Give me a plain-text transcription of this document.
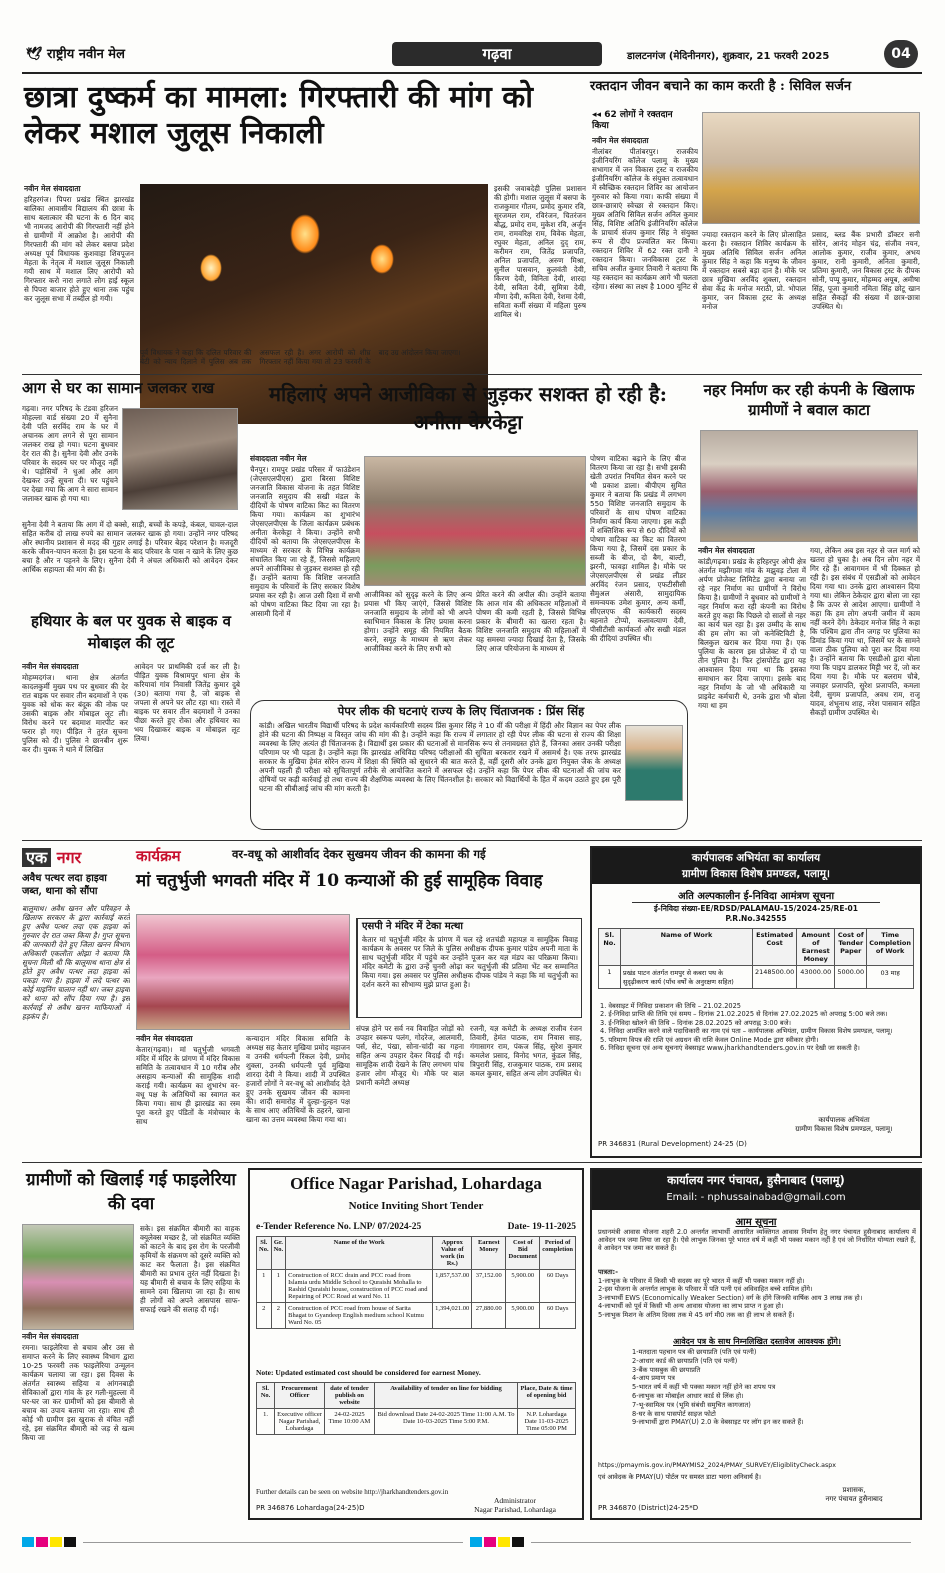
🕊 राष्ट्रीय नवीन मेल	गढ़वा	डालटनगंज (मेदिनीनगर), शुक्रवार, 21 फरवरी 2025	04
छात्रा दुष्कर्म का मामला: गिरफ्तारी की मांग को लेकर मशाल जुलूस निकाली
नवीन मेल संवाददाता
हरिहरगंज। पिपरा प्रखंड स्थित झारखंड बालिका आवासीय विद्यालय की छात्रा के साथ बलात्कार की घटना के 6 दिन बाद भी नामजद आरोपी की गिरफ्तारी नहीं होने से ग्रामीणों में आक्रोश है। आरोपी की गिरफ्तारी की मांग को लेकर बसपा प्रदेश अध्यक्ष पूर्व विधायक कुशवाहा शिवपूजन मेहता के नेतृत्व में मशाल जुलूस निकाली गयी साथ में मशाल लिए आरोपी को गिरफ्तार करो नारा लगाते लोग हाई स्कूल से पिपरा बाजार होते हुए थाना तक पहुंच कर जुलूस सभा में तब्दील हो गयी।
इसकी जवाबदेही पुलिस प्रशासन की होगी। मशाल जुलूस में बसपा के राजकुमार गौतम, प्रमोद कुमार रवि, सूरजमल राम, रविरंजन, चितरंजन बौद्ध, प्रमोद राम, मुकेश रवि, अर्जुन राम, रामवरिक्ष राम, विवेक मेहता, रघुवर मेहता, अनिल दुद् राम, करीमन राम, जितेंद्र प्रजापति, अनिल प्रजापति, अरुण मिश्रा, सुनील पासवान, कुलवंती देवी, किरण देवी, विनिता देवी, शारदा देवी, सविता देवी, सुमित्रा देवी, मीणा देवी, कविता देवी, रेशमा देवी, सविता कर्मी संख्या में महिला पुरुष शामिल थे।
पूर्व विधायक ने कहा कि दलित परिवार की बेटी को न्याय दिलाने में पुलिस अब तक असफल रही है। अगर आरोपी को शीघ्र गिरफ्तार नहीं किया गया तो 23 फरवरी के बाद उग्र आंदोलन किया जाएगा।
रक्तदान जीवन बचाने का काम करती है : सिविल सर्जन
◂◂ 62 लोगों ने रक्तदान किया
नवीन मेल संवाददाता
नीलांबर पीतांबरपुर। राजकीय इंजीनियरिंग कॉलेज पलामू के मुख्य सभागार में जन विकास ट्रस्ट व राजकीय इंजीनियरिंग कॉलेज के संयुक्त तत्वावधान में स्वैच्छिक रक्तदान शिविर का आयोजन गुरुवार को किया गया। काफी संख्या में छात्र-छात्राएं स्वेच्छा से रक्तदान किए। मुख्य अतिथि सिविल सर्जन अनिल कुमार सिंह, विशिष्ट अतिथि इंजीनियरिंग कॉलेज के प्राचार्य संजय कुमार सिंह ने संयुक्त रूप से दीप प्रज्वलित कर किया। रक्तदान शिविर में 62 रक्त दानी ने रक्तदान किया। जनविकास ट्रस्ट के सचिव अजीत कुमार तिवारी ने बताया कि यह रक्तदान का कार्यक्रम आगे भी चलता रहेगा। संस्था का लक्ष्य है 1000 यूनिट से
ज्यादा रक्तदान करने के लिए प्रोत्साहित करना है। रक्तदान शिविर कार्यक्रम के मुख्य अतिथि सिविल सर्जन अनिल कुमार सिंह ने कहा कि मनुष्य के जीवन में रक्तदान सबसे बड़ा दान है। मौके पर छात्र मुखिया अरविंद शुक्ला, रक्तदान सेवा केंद्र के मनोज मराठी, प्रो. भोपाल कुमार, जन विकास ट्रस्ट के अध्यक्ष मनोज
प्रसाद, ब्लड बैंक प्रभारी डॉक्टर सनी सोरेन, आनंद मोहन चंद्र, संजीव नयन, आलोक कुमार, राजीव कुमार, अभय कुमार, रानी कुमारी, अनिता कुमारी, प्रतिमा कुमारी, जन विकास ट्रस्ट के दीपक सोनी, पप्पू कुमार, मोहम्मद अयूब, अमीषा सिंह, पूजा कुमारी नमिता सिंह छोटू खान सहित सैकड़ों की संख्या में छात्र-छात्रा उपस्थित थे।
आग से घर का सामान जलकर राख
गढ़वा। नगर परिषद के टंडवा हरिजन मोहल्ला वार्ड संख्या 20 में सुनैना देवी पति सरविंद राम के घर में अचानक आग लगने से पूरा सामान जलकर राख हो गया। घटना बुधवार देर रात की है। सुनैना देवी और उनके परिवार के सदस्य घर पर मौजूद नहीं थे। पड़ोसियों ने धुआं और आग देखकर उन्हें सूचना दी। घर पहुंचने पर देखा गया कि आग ने सारा सामान जलाकर खाक हो गया था।
सुनैना देवी ने बताया कि आग में दो बक्से, साड़ी, बच्चों के कपड़े, कंबल, चावल-दाल सहित करीब दो लाख रुपये का सामान जलकर खाक हो गया। उन्होंने नगर परिषद और स्थानीय प्रशासन से मदद की गुहार लगाई है। परिवार बेहद परेशान है। मजदूरी करके जीवन-यापन करता है। इस घटना के बाद परिवार के पास न खाने के लिए कुछ बचा है और न पहनने के लिए। सुनैना देवी ने अंचल अधिकारी को आवेदन देकर आर्थिक सहायता की मांग की है।
महिलाएं अपने आजीविका से जुड़कर सशक्त हो रही है: अनीता केरकेट्टा
संवाददाता नवीन मेल
चैनपुर। रामपुर प्रखंड परिसर में फाउंडेशन (जेएसएलपीएस) द्वारा बिरसा विशिष्ट जनजाति विकास योजना के तहत विशिष्ट जनजाति समुदाय की सखी मंडल के दीदियों के पोषण वाटिका किट का वितरण किया गया। कार्यक्रम का शुभारंभ जेएसएलपीएस के जिला कार्यक्रम प्रबंधक अनीता केरकेट्टा ने किया। उन्होंने सभी दीदियों को बताया कि जेएसएलपीएस के माध्यम से सरकार के विभिन्न कार्यक्रम संचालित किए जा रहे हैं, जिससे महिलाएं अपने आजीविका से जुड़कर सशक्त हो रही हैं। उन्होंने बताया कि विशिष्ट जनजाति समुदाय के परिवारों के लिए सरकार विशेष प्रयास कर रही है। आज उसी दिशा में सभी को पोषण वाटिका किट दिया जा रहा है। आसामी दिनों में
आजीविका को सुदृढ़ करने के लिए अन्य प्रयास भी किए जाएंगे, जिससे विशिष्ट जनजाति समुदाय के लोगों को भी अपने स्वाभिमान विकास के लिए प्रयास करना होगा। उन्होंने समूह की नियमित बैठक करने, समूह के माध्यम से ऋण लेकर आजीविका करने के लिए सभी को
प्रेरित करने की अपील की। उन्होंने बताया कि आज गांव की अधिकतर महिलाओं में पोषण की कमी रहती है, जिससे विभिन्न प्रकार के बीमारी का खतरा रहता है। विशिष्ट जनजाति समुदाय की महिलाओं में यह समस्या ज्यादा दिखाई देता है, जिसके लिए आज परियोजना के माध्यम से
पोषण वाटिका बढ़ाने के लिए बीज वितरण किया जा रहा है। सभी इसकी खेती उपरांत नियमित सेवन करने पर भी प्रकाश डाला। बीपीएम सुमित कुमार ने बताया कि प्रखंड में लगभग 550 विशिष्ट जनजाति समुदाय के परिवारों के साथ पोषण वाटिका निर्माण कार्य किया जाएगा। इस कड़ी में शक्तिशिक रूप से 60 दीदियों को पोषण वाटिका का किट का वितरण किया गया है, जिसमें दस प्रकार के सब्जी के बीज, दो बैग, बाल्टी, झरनी, फावड़ा शामिल है। मौके पर जेएसएलपीएस से प्रखंड लीडर अरविंद रंजन प्रसाद, एफटीसीसी सैमुअल अंसारी, सामुदायिक समन्वयक उमेश कुमार, अन्य कर्मी, सीएलएफ की कार्यकारी सदस्य बहनाते टोप्पो, कलावत्याण देवी, पीसीटीसी कार्यकर्ता और सखी मंडल की दीदियां उपस्थित थी।
नहर निर्माण कर रही कंपनी के खिलाफ ग्रामीणों ने बवाल काटा
नवीन मेल संवाददाता
कांडी/गढ़वा। प्रखंड के हरिहरपुर ओपी क्षेत्र अंतर्गत मझीगावा गांव के मझुवड़ टोला में अर्पण प्रोजेक्ट लिमिटेड द्वारा बनाया जा रहे नहर निर्माण का ग्रामीणों ने विरोध किया है। ग्रामीणों ने बुधवार को ग्रामीणों ने नहर निर्माण करा रही कंपनी का विरोध करते हुए कहा कि पिछले दो सालों से नहर का कार्य चल रहा है। इस उम्मीद के साथ की हम लोग का जो कनेक्टिविटी है, बिलकुल खराब कर दिया गया है। एक पुलिया के कारण इस प्रोजेक्ट में दो पा तीन पुलिया है। फिर ट्रांसपोर्टेड द्वारा यह आश्वासन दिया गया था कि इसका समाधान कर दिया जाएगा। इसके बाद नहर निर्माण के जो भी अधिकारी या प्राइवेट कर्मचारी थे, उनके द्वारा भी बोला गया था हम
गया, लेकिन अब इस नहर से जल मार्ग को खतरा हो चुका है। अब दिन लोग नहर में गिर रहे हैं। आवागमन में भी दिक्कत हो रही है। इस संबंध में एसडीओ को आवेदन दिया गया था। उनके द्वारा आश्वासन दिया गया था। लेकिन ठेकेदार द्वारा बोला जा रहा है कि ऊपर से आदेश आएगा। ग्रामीणों ने कहा कि हम लोग अपनी जमीन में काम नहीं करने देंगे। ठेकेदार मनोज सिंह ने कहा कि पश्चिम द्वारा तीन जगह पर पुलिया का डिमांड किया गया था, जिसमें घर के सामने वाला ठीक पुलिया को पूरा कर दिया गया है। उन्होंने बताया कि एसडीओ द्वारा बोला गया कि पाइप डालकर मिट्टी भर दें, जो कर दिया गया है। मौके पर बलराम चौबे, जवाहर प्रजापति, सुरेश प्रजापति, कमला देवी, सुगम प्रजापति, अवध राम, राजू यादव, शंभूनाथ शाह, नरेश पासवान सहित सैकड़ों ग्रामीण उपस्थित थे।
हथियार के बल पर युवक से बाइक व मोबाइल की लूट
नवीन मेल संवाददाता
मोहम्मदगंज। थाना क्षेत्र अंतर्गत कादलकुर्मी मुख्य पथ पर बुधवार की देर रात बाइक पर सवार तीन बदमाशों ने एक युवक को धोक कर बंदूक की नोक पर उसकी बाइक और मोबाइल लूट ली। विरोध करने पर बदमाश मारपीट कर फरार हो गए। पीड़ित ने तुरंत सूचना पुलिस को दी। पुलिस ने छानबीन शुरू कर दी। युवक ने थाने में लिखित
आवेदन पर प्राथमिकी दर्ज कर ली है। पीड़ित युवक विश्रामपुर थाना क्षेत्र के करियावां गांव निवासी जितेंद्र कुमार दुबे (30) बताया गया है, जो बाइक से जपला से अपने घर लौट रहा था। रास्ते में बाइक पर सवार तीन बदमाशों ने उनका पीछा करते हुए रोका और हथियार का भय दिखाकर बाइक व मोबाइल लूट लिया।
पेपर लीक की घटनाएं राज्य के लिए चिंताजनक : प्रिंस सिंह
कांडी। अखिल भारतीय विद्यार्थी परिषद के प्रदेश कार्यकारिणी सदस्य प्रिंस कुमार सिंह ने 10 वीं की परीक्षा में हिंदी और विज्ञान का पेपर लीक होने की घटना की निष्पक्ष व विस्तृत जांच की मांग की है। उन्होंने कहा कि राज्य में लगातार हो रही पेपर लीक की घटना से राज्य की शिक्षा व्यवस्था के लिए अत्यंत ही चिंताजनक है। विद्यार्थी इस प्रकार की घटनाओं से मानसिक रूप से तनावग्रस्त होते हैं, जिनका असर उनकी परीक्षा परिणाम पर भी पड़ता है। उन्होंने कहा कि झारखंड अधिविद्य परिषद परीक्षाओं की सुचिता बरकरार रखने में असमर्थ है। एक तरफ झारखंड सरकार के मुखिया हेमंत सोरेन राज्य में शिक्षा की स्थिति को सुधारने की बात करते हैं, वहीं दूसरी ओर उनके द्वारा नियुक्त जैक के अध्यक्ष अपनी पहली ही परीक्षा को सुचितापूर्ण तरीके से आयोजित कराने में असफल रहे। उन्होंने कहा कि पेपर लीक की घटनाओं की जांच कर दोषियों पर कड़ी कार्रवाई हो तथा राज्य की शैक्षणिक व्यवस्था के लिए चिंतनशील है। सरकार को विद्यार्थियों के हित में कदम उठाते हुए इस पूरी घटना की सीबीआई जांच की मांग करती है।
एक नगर
अवैध पत्थर लदा हाइवा जब्त, थाना को सौंपा
बालूमाथ। अवैध खनन और परिवहन के खिलाफ सरकार के द्वारा कार्रवाई करते हुए अवैध पत्थर लदा एक हाइवा को गुरुवार देर रात जब्त किया है। गुप्त सूचना की जानकारी देते हुए जिला खनन विभाग अधिकारी एकलौता ओझा ने बताया कि सूचना मिली थी कि बालूमाथ थाना क्षेत्र से होते हुए अवैध पत्थर लदा हाइवा को पकड़ा गया है। हाइवा में लदे पत्थर का कोई माइनिंग चालान नहीं था। जब्त हाइवा को थाना को सौंप दिया गया है। इस कार्रवाई से अवैध खनन माफियाओं में हड़कंप है।
कार्यक्रम	वर-वधू को आशीर्वाद देकर सुखमय जीवन की कामना की गई
मां चतुर्भुजी भगवती मंदिर में 10 कन्याओं की हुई सामूहिक विवाह
नवीन मेल संवाददाता
केतार(गढ़वा)। मां चतुर्भुजी भगवती मंदिर में मंदिर के प्रांगण में मंदिर विकास समिति के तत्वावधान में 10 गरीब और असहाय कन्याओं की सामूहिक शादी कराई गयी। कार्यक्रम का शुभारंभ वर-वधू पक्ष के अतिथियों का स्वागत कर किया गया। साथ ही झारखंड का रस्म पूरा करते हुए पंडितों के मंत्रोच्चार के साथ
कन्यादान मंदिर विकास समिति के अध्यक्ष सह केतार मुखिया प्रमोद महाजन व उनकी धर्मपत्नी रिंकल देवी, प्रमोद शुक्ला, उनकी धर्मपत्नी पूर्व मुखिया शारदा देवी ने किया। शादी में उपस्थित हजारों लोगों ने वर-वधू को आशीर्वाद देते हुए उनके सुखमय जीवन की कामना की। शादी समारोह में दुल्हा-दुल्हन पक्ष के साथ आए अतिथियों के ठहरने, खाना खाना का उत्तम व्यवस्था किया गया था।
एसपी ने मंदिर में टेका मत्था
केतार मां चतुर्भुजी मंदिर के प्रांगण में चल रहे शतचंडी महायज्ञ व सामूहिक विवाह कार्यक्रम के अवसर पर जिले के पुलिस अधीक्षक दीपक कुमार पांडेय अपनी माता के साथ चतुर्भुजी मंदिर में पहुंचे कर उन्होंने पूजन कर यज्ञ मंडप का परिक्रमा किया। मंदिर कमेटी के द्वारा उन्हें चुनरी ओढ़ा कर चतुर्भुजी की प्रतिमा भेंट कर सम्मानित किया गया। इस अवसर पर पुलिस अधीक्षक दीपक पांडेय ने कहा कि मां चतुर्भुजी का दर्शन करने का सौभाग्य मुझे प्राप्त हुआ है।
संपन्न होने पर सर्व नव विवाहित जोड़ों को उपहार स्वरूप पलंग, गोदरेज, आलमारी, पर्स, सेट, पंखा, सोना-चांदी का गहना सहित अन्य उपहार देकर विदाई दी गई। सामूहिक शादी देखने के लिए लगभग पांच हजार लोग मौजूद थे। मौके पर बाल प्रधानी कमेटी अध्यक्ष
रजनी, यज्ञ कमेटी के अध्यक्ष राजीव रंजन तिवारी, हेमंत पाठक, राम निवास साह, गंगासागर राम, पंकज सिंह, सुरेश कुमार कमलेश प्रसाद, विनोद भगत, कुंडल सिंह, त्रिपुरारी सिंह, राजकुमार पाठक, राम प्रसाद कमल कुमार, सहित अन्य लोग उपस्थित थे।
कार्यपालक अभियंता का कार्यालय
ग्रामीण विकास विशेष प्रमण्डल, पलामू।
अति अल्पकालीन ई-निविदा आमंत्रण सूचना
ई-निविदा संख्या-EE/RDSD/PALAMAU-15/2024-25/RE-01
P.R.No.342555
Sl. No.	Name of Work	Estimated Cost	Amount of Earnest Money	Cost of Tender Paper	Time Completion of Work
1	प्रखंड पाटन अंतर्गत रामपुर से कबरा पथ के सुदृढ़ीकरण कार्य (पाँच वर्षों के अनुरक्षण सहित)	2148500.00	43000.00	5000.00	03 माह
1. वेबसाइट में निविदा प्रकाशन की तिथि – 21.02.2025
2. ई-निविदा प्राप्ति की तिथि एवं समय – दिनांक 21.02.2025 से दिनांक 27.02.2025 को अपराह्न 5:00 बजे तक।
3. ई-निविदा खोलने की तिथि – दिनांक 28.02.2025 को अपराह्न 3:00 बजे।
4. निविदा आमंत्रित करने वाले पदाधिकारी का नाम एवं पता – कार्यपालक अभियंता, ग्रामीण विकास विशेष प्रमण्डल, पलामू।
5. परिमाण विपत्र की राशि एवं अग्रधन की राशि केवल Online Mode द्वारा स्वीकार होगी।
6. निविदा सूचना एवं अन्य सूचनाएं वेबसाइट www.jharkhandtenders.gov.in पर देखी जा सकती है।
कार्यपालक अभियंता
ग्रामीण विकास विशेष प्रमण्डल, पलामू।
PR 346831 (Rural Development) 24-25 (D)
ग्रामीणों को खिलाई गई फाइलेरिया की दवा
नवीन मेल संवाददाता
रमना। फाइलेरिया से बचाव और उस से समाप्त करने के लिए स्वास्थ्य विभाग द्वारा 10-25 फरवरी तक फाइलेरिया उन्मूलन कार्यक्रम चलाया जा रहा। इस दिवस के अंतर्गत स्वास्थ्य सहिया व आंगनबाड़ी सेविकाओं द्वारा गांव के हर गली-मुहल्ला में घर-घर जा कर ग्रामीणों को इस बीमारी से बचाव का उपाय बताया जा रहा। साथ ही कोई भी ग्रामीण इस खुराक से वंचित नहीं रहे, इस संक्रमित बीमारी को जड़ से खत्म किया जा
सके। इस संक्रमित बीमारी का वाहक क्यूलेक्स मच्छर है, जो संक्रमित व्यक्ति को काटने के बाद इस रोग के परजीवी कृमियों के संक्रमण को दूसरे व्यक्ति को काट कर फैलाता है। इस संक्रमित बीमारी का प्रभाव तुरंत नहीं दिखता है। यह बीमारी से बचाव के लिए सहिया के सामने दवा खिलाया जा रहा है। साथ ही लोगों को अपने आसपास साफ-सफाई रखने की सलाह दी गई।
Office Nagar Parishad, Lohardaga
Notice Inviting Short Tender
e-Tender Reference No. LNP/ 07/2024-25	Date- 19-11-2025
Sl. No.	Gr. No.	Name of the Work	Approx Value of work (in Rs.)	Earnest Money	Cost of Bid Document	Period of completion
1	1	Construction of RCC drain and PCC road from Islamia urdu Middle School to Quraishi Mohalla to Rashid Quraishi house, construction of PCC road and Repairing of PCC Road at ward No. 11	1,857,537.00	37,152.00	5,900.00	60 Days
2	2	Construction of PCC road from house of Sarita Bhagat to Gyandeep English medium school Kutmu Ward No. 05	1,394,021.00	27,880.00	5,900.00	60 Days
Note: Updated estimated cost should be considered for earnest Money.
Sl. No.	Procurement Officer	date of tender publish on website	Availability of tender on line for bidding	Place, Date & time of opening bid
1.	Executive officer Nagar Parishad, Lohardaga	24-02-2025 Time 10:00 AM	Bid download Date 24-02-2025 Time 11:00 A.M. To Date 10-03-2025 Time 5:00 P.M.	N.P. Lohardaga Date 11-03-2025 Time 05:00 PM
Further details can be seen on website http://jharkhandtenders.gov.in
PR 346876 Lohardaga(24-25)D
Administrator
Nagar Parishad, Lohardaga
कार्यालय नगर पंचायत, हुसैनाबाद (पलामू)
Email: - nphussainabad@gmail.com
आम सूचना
प्रधानमंत्री आवास योजना शहरी 2.0 अन्तर्गत लाभार्थी आधारित व्यक्तिगत आवास निर्माण हेतु नगर पंचायत हुसैनाबाद कार्यालय में आवेदन पत्र जमा लिया जा रहा है। ऐसे लाभुक जिनका पूरे भारत वर्ष में कहीं भी पक्का मकान नहीं है एवं जो निर्धारित योग्यता रखते हैं, वे आवेदन पत्र जमा कर सकते हैं।
पात्रता:-
1-लाभुक के परिवार में किसी भी सदस्य का पूरे भारत में कहीं भी पक्का मकान नहीं हो।
2-इस योजना के अन्तर्गत लाभुक के परिवार में पति पत्नी एवं अविवाहित बच्चे शामिल होंगे।
3-लाभार्थी EWS (Economically Weaker Section) वर्ग के होंगे जिनकी वार्षिक आय 3 लाख तक हो।
4-लाभार्थी को पूर्व में किसी भी अन्य आवास योजना का लाभ प्राप्त न हुआ हो।
5-लाभुक मिशन के अंतिम दिवस तक मे 45 वर्ग मी0 तक का ही लाभ ले सकते हैं।
आवेदन पत्र के साथ निम्नलिखित दस्तावेज आवश्यक होंगे।
1-मतदाता पहचान पत्र की छायाप्रति (पति एवं पत्नी)
2-आधार कार्ड की छायाप्रति (पति एवं पत्नी)
3-बैंक पासबुक की छायाप्रति
4-आय प्रमाण पत्र
5-भारत वर्ष में कहीं भी पक्का मकान नहीं होने का शपथ पत्र
6-लाभुक का मोबाईल आधार कार्ड से लिंक हो।
7-भू-स्वामित्व पत्र (भूमि संबंधी समुचित कागजात)
8-घर के साथ पासपोर्ट साइज फोटो
9-लाभार्थी द्वारा PMAY(U) 2.0 के वेबसाइट पर लॉग इन कर सकते हैं।
https://pmaymis.gov.in/PMAYMIS2_2024/PMAY_SURVEY/EligiblityCheck.aspx
एवं आवेदक के PMAY(U) पोर्टल पर समस्त डाटा भरना अनिवार्य है।
प्रशासक,
नगर पंचायत हुसैनाबाद
PR 346870 (District)24-25*D
